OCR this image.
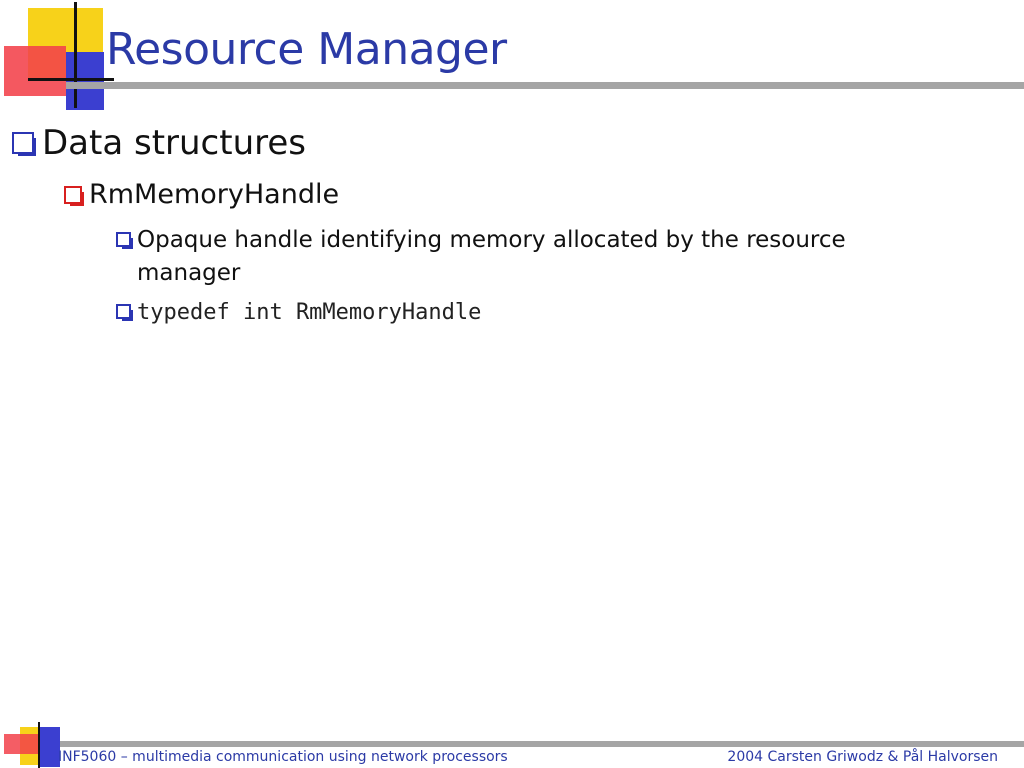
Resource Manager
Data structures
RmMemoryHandle
Opaque handle identifying memory allocated by the resource manager
typedef int RmMemoryHandle
INF5060 – multimedia communication using network processors	2004 Carsten Griwodz & Pål Halvorsen
